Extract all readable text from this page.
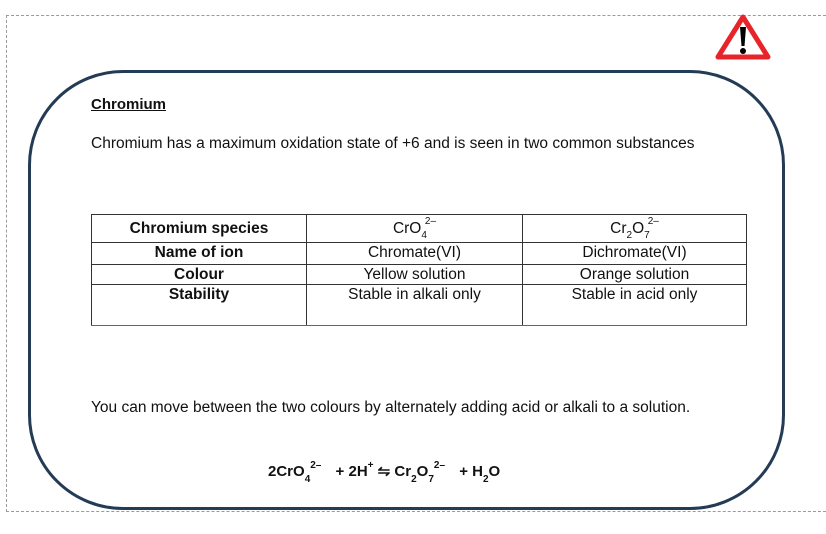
Chromium

Chromium has a maximum oxidation state of +6 and is seen in two common substances

Chromium species	CrO$_4^{2-}$	$Cr_2O_7^{2-}$
Name of ion	Chromate(VI)	Dichromate(VI)
Colour	Yellow solution	Orange solution
Stability	Stable in alkali only	Stable in acid only

You can move between the two colours by alternately adding acid or alkali to a solution.

2CrO$_4^{2-}$ + 2H+ ⇋ $Cr_2O_7^{2-} + H_2O$
